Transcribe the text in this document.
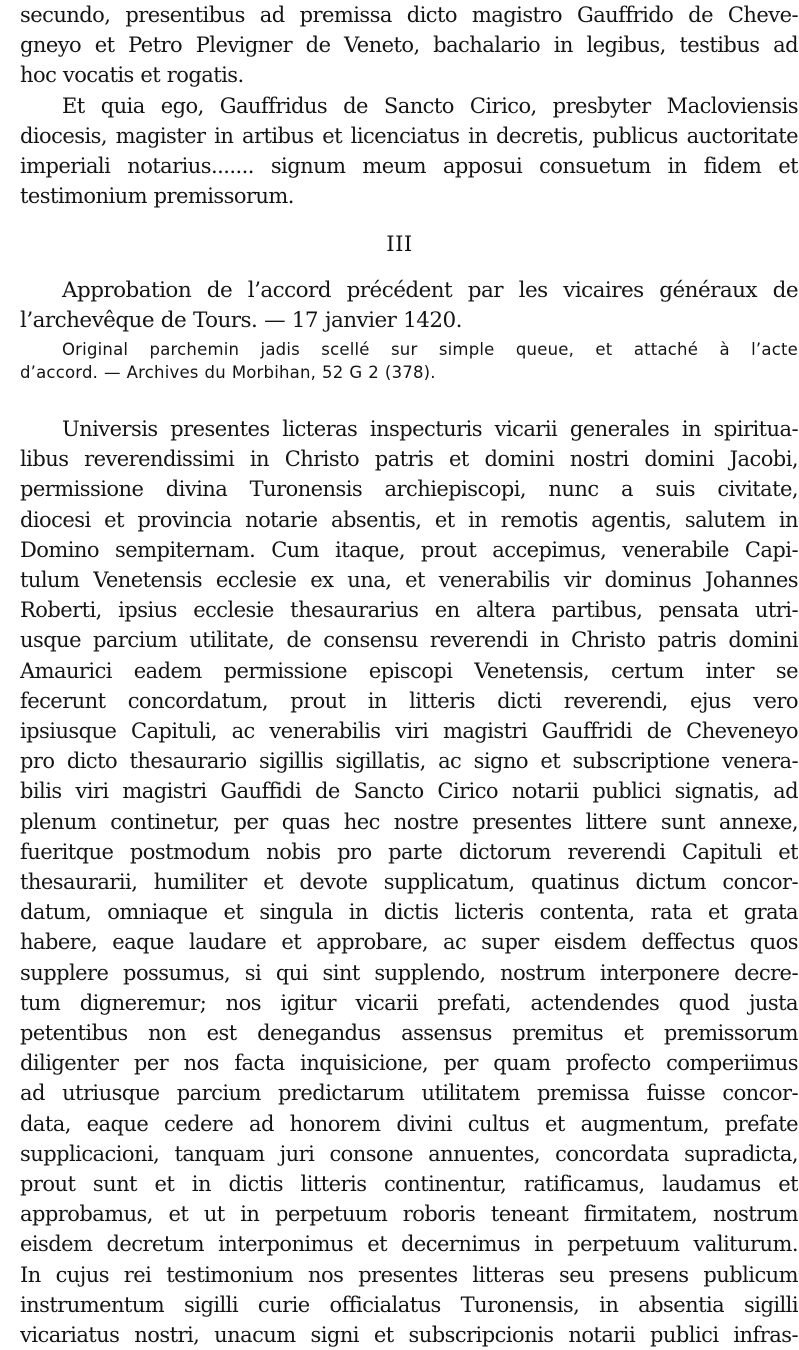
secundo, presentibus ad premissa dicto magistro Gauffrido de Cheve-
gneyo et Petro Plevigner de Veneto, bachalario in legibus, testibus ad
hoc vocatis et rogatis.
Et quia ego, Gauffridus de Sancto Cirico, presbyter Macloviensis
diocesis, magister in artibus et licenciatus in decretis, publicus auctoritate
imperiali notarius....... signum meum apposui consuetum in fidem et
testimonium premissorum.
III
Approbation de l’accord précédent par les vicaires généraux de
l’archevêque de Tours. — 17 janvier 1420.
Original parchemin jadis scellé sur simple queue, et attaché à l’acte
d’accord. — Archives du Morbihan, 52 G 2 (378).
Universis presentes licteras inspecturis vicarii generales in spiritua-
libus reverendissimi in Christo patris et domini nostri domini Jacobi,
permissione divina Turonensis archiepiscopi, nunc a suis civitate,
diocesi et provincia notarie absentis, et in remotis agentis, salutem in
Domino sempiternam. Cum itaque, prout accepimus, venerabile Capi-
tulum Venetensis ecclesie ex una, et venerabilis vir dominus Johannes
Roberti, ipsius ecclesie thesaurarius en altera partibus, pensata utri-
usque parcium utilitate, de consensu reverendi in Christo patris domini
Amaurici eadem permissione episcopi Venetensis, certum inter se
fecerunt concordatum, prout in litteris dicti reverendi, ejus vero
ipsiusque Capituli, ac venerabilis viri magistri Gauffridi de Cheveneyo
pro dicto thesaurario sigillis sigillatis, ac signo et subscriptione venera-
bilis viri magistri Gauffidi de Sancto Cirico notarii publici signatis, ad
plenum continetur, per quas hec nostre presentes littere sunt annexe,
fueritque postmodum nobis pro parte dictorum reverendi Capituli et
thesaurarii, humiliter et devote supplicatum, quatinus dictum concor-
datum, omniaque et singula in dictis licteris contenta, rata et grata
habere, eaque laudare et approbare, ac super eisdem deffectus quos
supplere possumus, si qui sint supplendo, nostrum interponere decre-
tum digneremur; nos igitur vicarii prefati, actendendes quod justa
petentibus non est denegandus assensus premitus et premissorum
diligenter per nos facta inquisicione, per quam profecto comperiimus
ad utriusque parcium predictarum utilitatem premissa fuisse concor-
data, eaque cedere ad honorem divini cultus et augmentum, prefate
supplicacioni, tanquam juri consone annuentes, concordata supradicta,
prout sunt et in dictis litteris continentur, ratificamus, laudamus et
approbamus, et ut in perpetuum roboris teneant firmitatem, nostrum
eisdem decretum interponimus et decernimus in perpetuum valiturum.
In cujus rei testimonium nos presentes litteras seu presens publicum
instrumentum sigilli curie officialatus Turonensis, in absentia sigilli
vicariatus nostri, unacum signi et subscripcionis notarii publici infras-
